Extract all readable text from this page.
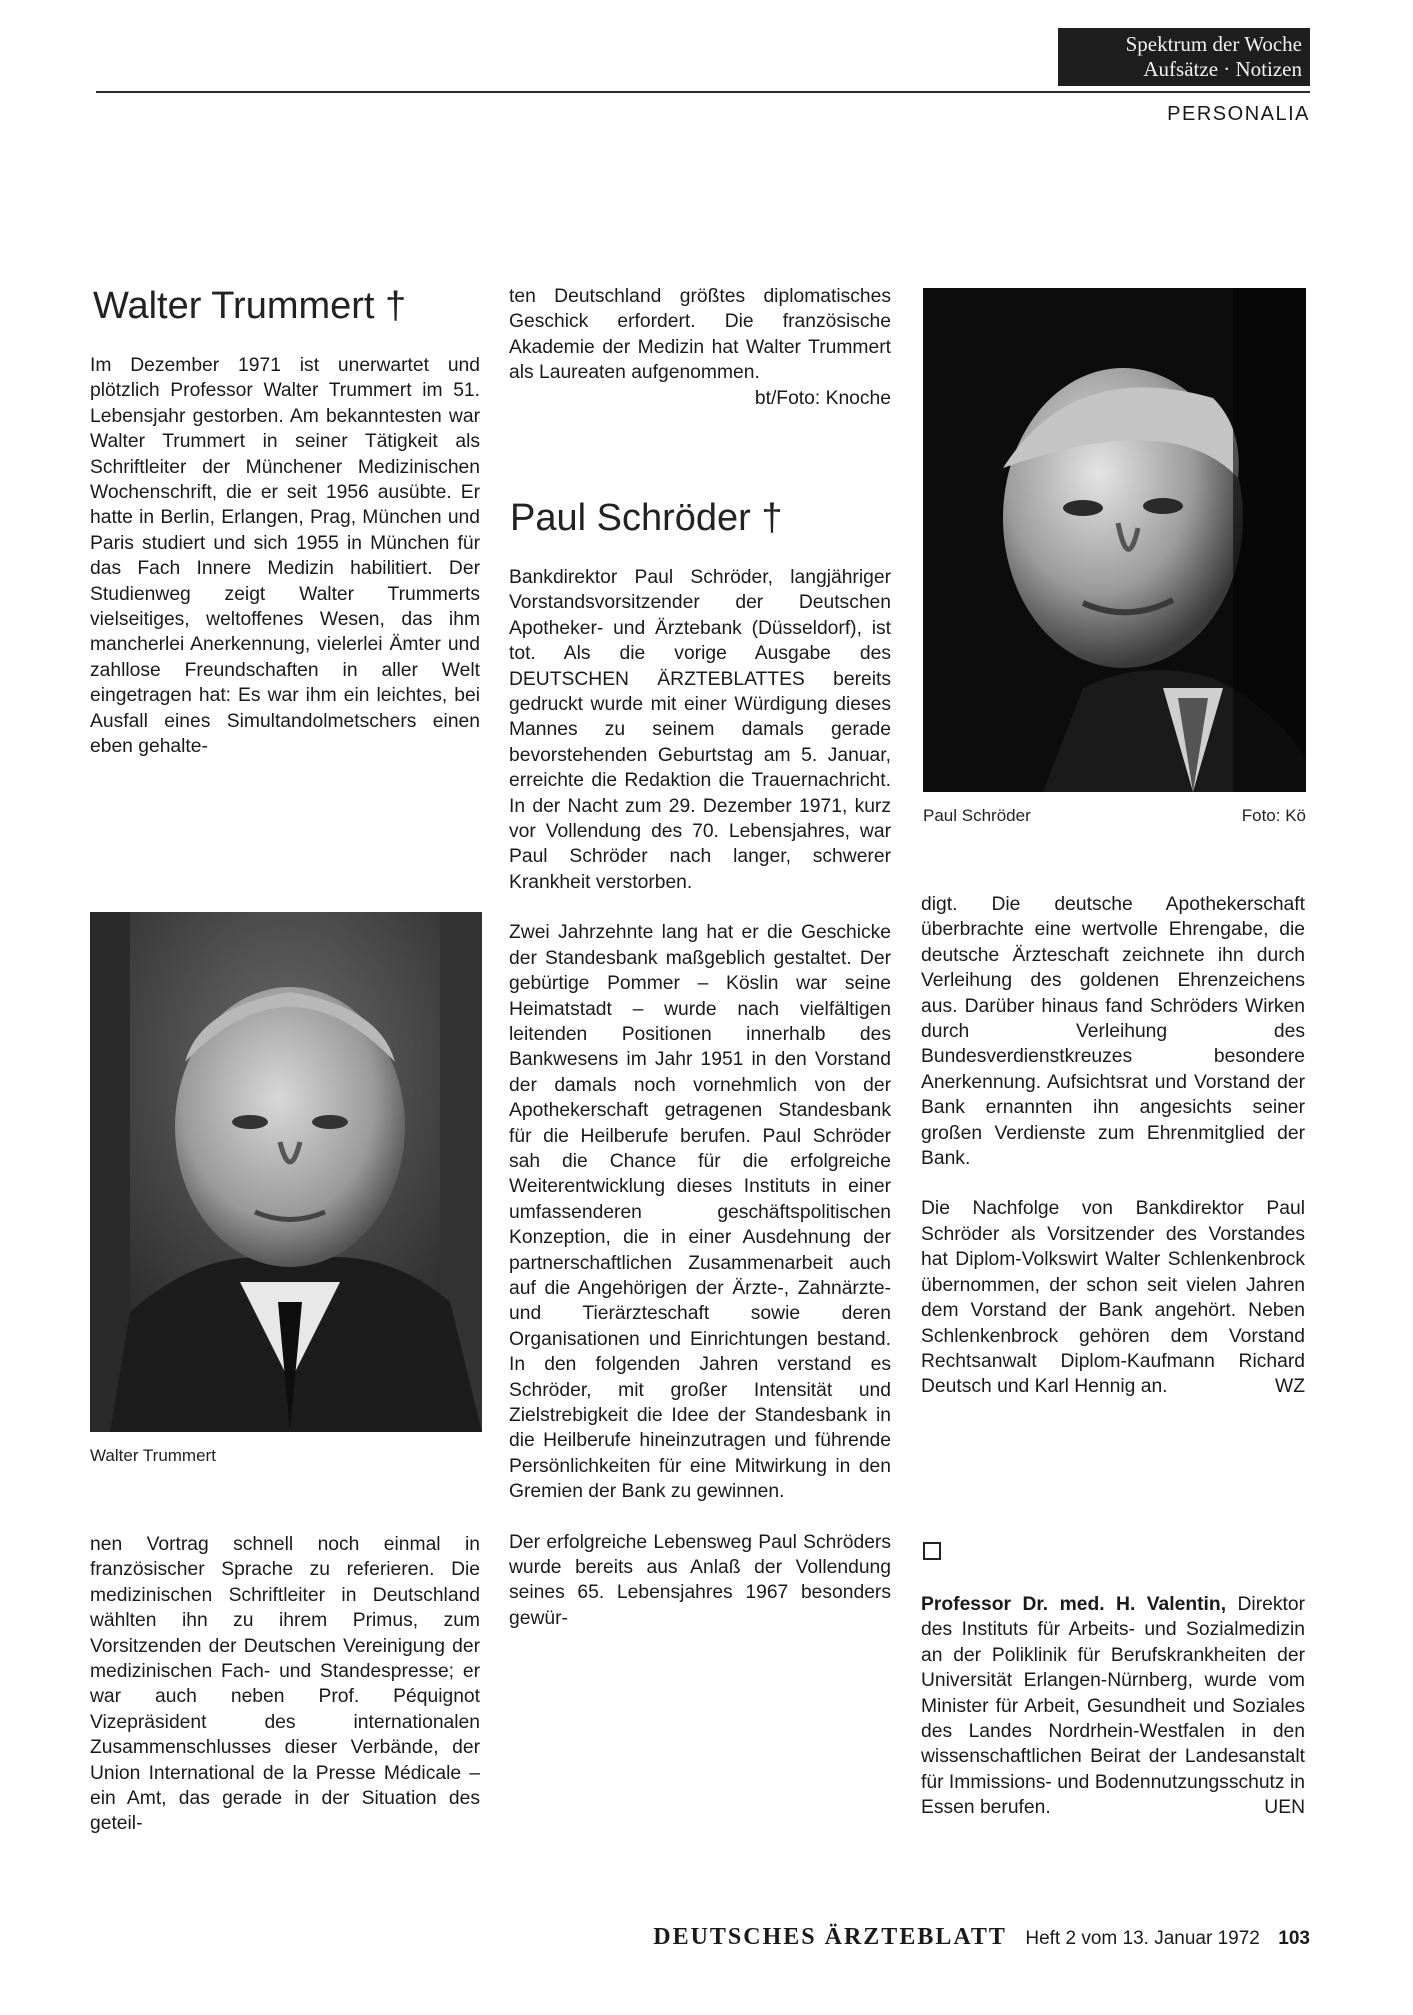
Spektrum der Woche
Aufsätze · Notizen
PERSONALIA
Walter Trummert †

Im Dezember 1971 ist unerwartet und plötzlich Professor Walter Trummert im 51. Lebensjahr gestorben. Am bekanntesten war Walter Trummert in seiner Tätigkeit als Schriftleiter der Münchener Medizinischen Wochenschrift, die er seit 1956 ausübte. Er hatte in Berlin, Erlangen, Prag, München und Paris studiert und sich 1955 in München für das Fach Innere Medizin habilitiert. Der Studienweg zeigt Walter Trummerts vielseitiges, weltoffenes Wesen, das ihm mancherlei Anerkennung, vielerlei Ämter und zahllose Freundschaften in aller Welt eingetragen hat: Es war ihm ein leichtes, bei Ausfall eines Simultandolmetschers einen eben gehalte-

Walter Trummert

nen Vortrag schnell noch einmal in französischer Sprache zu referieren. Die medizinischen Schriftleiter in Deutschland wählten ihn zu ihrem Primus, zum Vorsitzenden der Deutschen Vereinigung der medizinischen Fach- und Standespresse; er war auch neben Prof. Péquignot Vizepräsident des internationalen Zusammenschlusses dieser Verbände, der Union International de la Presse Médicale – ein Amt, das gerade in der Situation des geteil-

ten Deutschland größtes diplomatisches Geschick erfordert. Die französische Akademie der Medizin hat Walter Trummert als Laureaten aufgenommen.
bt/Foto: Knoche

Paul Schröder †

Bankdirektor Paul Schröder, langjähriger Vorstandsvorsitzender der Deutschen Apotheker- und Ärztebank (Düsseldorf), ist tot. Als die vorige Ausgabe des DEUTSCHEN ÄRZTEBLATTES bereits gedruckt wurde mit einer Würdigung dieses Mannes zu seinem damals gerade bevorstehenden Geburtstag am 5. Januar, erreichte die Redaktion die Trauernachricht. In der Nacht zum 29. Dezember 1971, kurz vor Vollendung des 70. Lebensjahres, war Paul Schröder nach langer, schwerer Krankheit verstorben.

Zwei Jahrzehnte lang hat er die Geschicke der Standesbank maßgeblich gestaltet. Der gebürtige Pommer – Köslin war seine Heimatstadt – wurde nach vielfältigen leitenden Positionen innerhalb des Bankwesens im Jahr 1951 in den Vorstand der damals noch vornehmlich von der Apothekerschaft getragenen Standesbank für die Heilberufe berufen. Paul Schröder sah die Chance für die erfolgreiche Weiterentwicklung dieses Instituts in einer umfassenderen geschäftspolitischen Konzeption, die in einer Ausdehnung der partnerschaftlichen Zusammenarbeit auch auf die Angehörigen der Ärzte-, Zahnärzte- und Tierärzteschaft sowie deren Organisationen und Einrichtungen bestand. In den folgenden Jahren verstand es Schröder, mit großer Intensität und Zielstrebigkeit die Idee der Standesbank in die Heilberufe hineinzutragen und führende Persönlichkeiten für eine Mitwirkung in den Gremien der Bank zu gewinnen.

Der erfolgreiche Lebensweg Paul Schröders wurde bereits aus Anlaß der Vollendung seines 65. Lebensjahres 1967 besonders gewür-

Paul Schröder	Foto: Kö

digt. Die deutsche Apothekerschaft überbrachte eine wertvolle Ehrengabe, die deutsche Ärzteschaft zeichnete ihn durch Verleihung des goldenen Ehrenzeichens aus. Darüber hinaus fand Schröders Wirken durch Verleihung des Bundesverdienstkreuzes besondere Anerkennung. Aufsichtsrat und Vorstand der Bank ernannten ihn angesichts seiner großen Verdienste zum Ehrenmitglied der Bank.

Die Nachfolge von Bankdirektor Paul Schröder als Vorsitzender des Vorstandes hat Diplom-Volkswirt Walter Schlenkenbrock übernommen, der schon seit vielen Jahren dem Vorstand der Bank angehört. Neben Schlenkenbrock gehören dem Vorstand Rechtsanwalt Diplom-Kaufmann Richard Deutsch und Karl Hennig an.	WZ

Professor Dr. med. H. Valentin, Direktor des Instituts für Arbeits- und Sozialmedizin an der Poliklinik für Berufskrankheiten der Universität Erlangen-Nürnberg, wurde vom Minister für Arbeit, Gesundheit und Soziales des Landes Nordrhein-Westfalen in den wissenschaftlichen Beirat der Landesanstalt für Immissions- und Bodennutzungsschutz in Essen berufen.	UEN

DEUTSCHES ÄRZTEBLATT Heft 2 vom 13. Januar 1972 103
